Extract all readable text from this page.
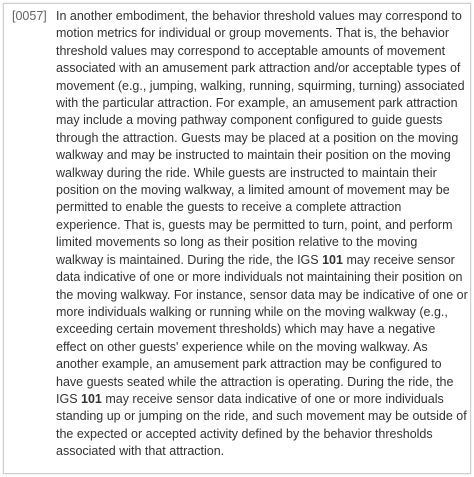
[0057] In another embodiment, the behavior threshold values may correspond to
motion metrics for individual or group movements. That is, the behavior
threshold values may correspond to acceptable amounts of movement
associated with an amusement park attraction and/or acceptable types of
movement (e.g., jumping, walking, running, squirming, turning) associated
with the particular attraction. For example, an amusement park attraction
may include a moving pathway component configured to guide guests
through the attraction. Guests may be placed at a position on the moving
walkway and may be instructed to maintain their position on the moving
walkway during the ride. While guests are instructed to maintain their
position on the moving walkway, a limited amount of movement may be
permitted to enable the guests to receive a complete attraction
experience. That is, guests may be permitted to turn, point, and perform
limited movements so long as their position relative to the moving
walkway is maintained. During the ride, the IGS 101 may receive sensor
data indicative of one or more individuals not maintaining their position on
the moving walkway. For instance, sensor data may be indicative of one or
more individuals walking or running while on the moving walkway (e.g.,
exceeding certain movement thresholds) which may have a negative
effect on other guests' experience while on the moving walkway. As
another example, an amusement park attraction may be configured to
have guests seated while the attraction is operating. During the ride, the
IGS 101 may receive sensor data indicative of one or more individuals
standing up or jumping on the ride, and such movement may be outside of
the expected or accepted activity defined by the behavior thresholds
associated with that attraction.
